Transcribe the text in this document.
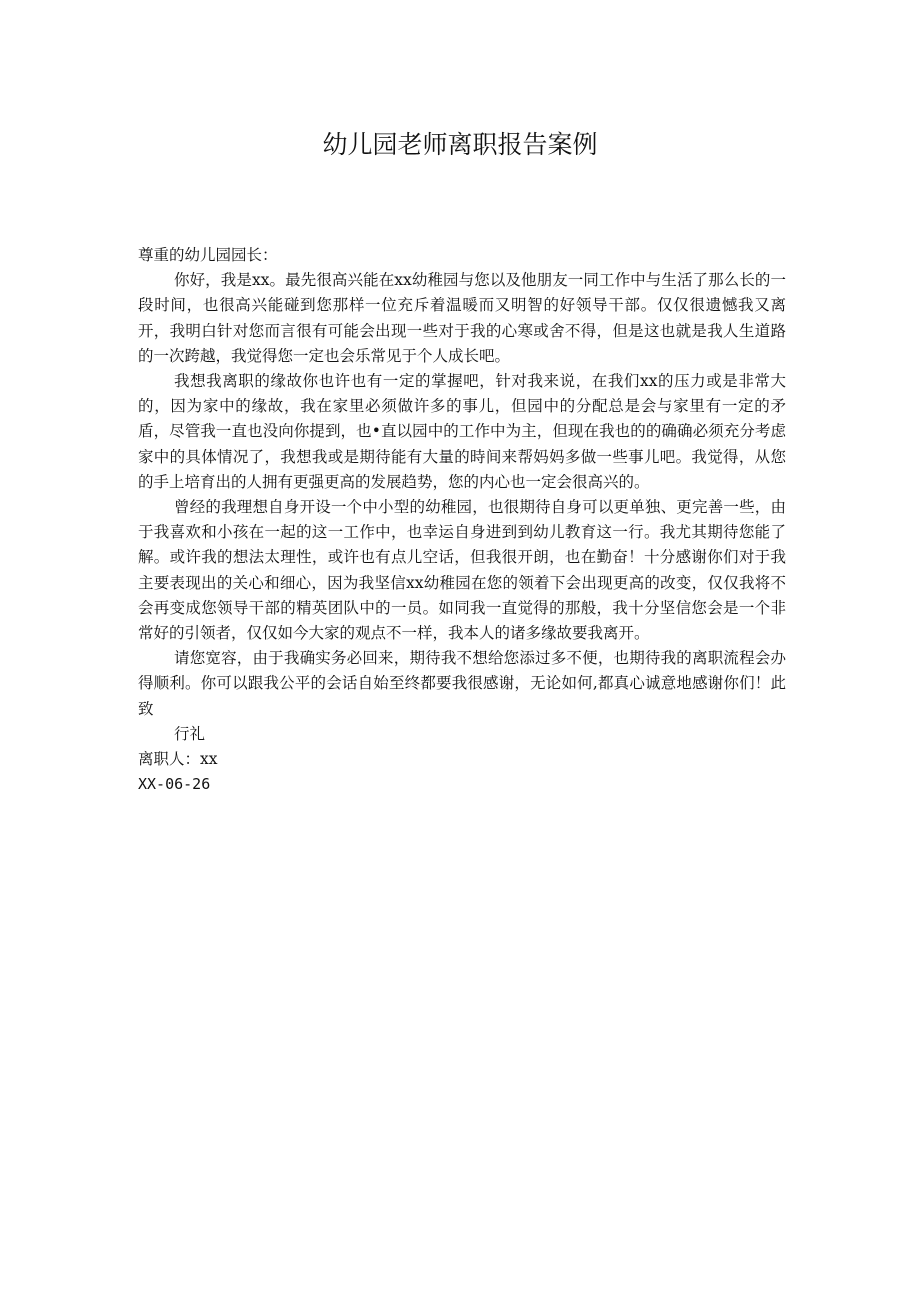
幼儿园老师离职报告案例

尊重的幼儿园园长：

你好，我是xx。最先很高兴能在xx幼稚园与您以及他朋友一同工作中与生活了那么长的一段时间，也很高兴能碰到您那样一位充斥着温暖而又明智的好领导干部。仅仅很遗憾我又离开，我明白针对您而言很有可能会出现一些对于我的心寒或舍不得，但是这也就是我人生道路的一次跨越，我觉得您一定也会乐常见于个人成长吧。

我想我离职的缘故你也许也有一定的掌握吧，针对我来说，在我们xx的压力或是非常大的，因为家中的缘故，我在家里必须做许多的事儿，但园中的分配总是会与家里有一定的矛盾，尽管我一直也没向你提到，也•直以园中的工作中为主，但现在我也的的确确必须充分考虑家中的具体情况了，我想我或是期待能有大量的時间来帮妈妈多做一些事儿吧。我觉得，从您的手上培育出的人拥有更强更高的发展趋势，您的内心也一定会很高兴的。

曾经的我理想自身开设一个中小型的幼稚园，也很期待自身可以更单独、更完善一些，由于我喜欢和小孩在一起的这一工作中，也幸运自身进到到幼儿教育这一行。我尤其期待您能了解。或许我的想法太理性，或许也有点儿空话，但我很开朗，也在勤奋！十分感谢你们对于我主要表现出的关心和细心，因为我坚信xx幼稚园在您的领着下会出现更高的改变，仅仅我将不会再变成您领导干部的精英团队中的一员。如同我一直觉得的那般，我十分坚信您会是一个非常好的引领者，仅仅如今大家的观点不一样，我本人的诸多缘故要我离开。

请您宽容，由于我确实务必回来，期待我不想给您添过多不便，也期待我的离职流程会办得顺利。你可以跟我公平的会话自始至终都要我很感谢，无论如何,都真心诚意地感谢你们！此致

行礼

离职人：xx

XX-06-26
